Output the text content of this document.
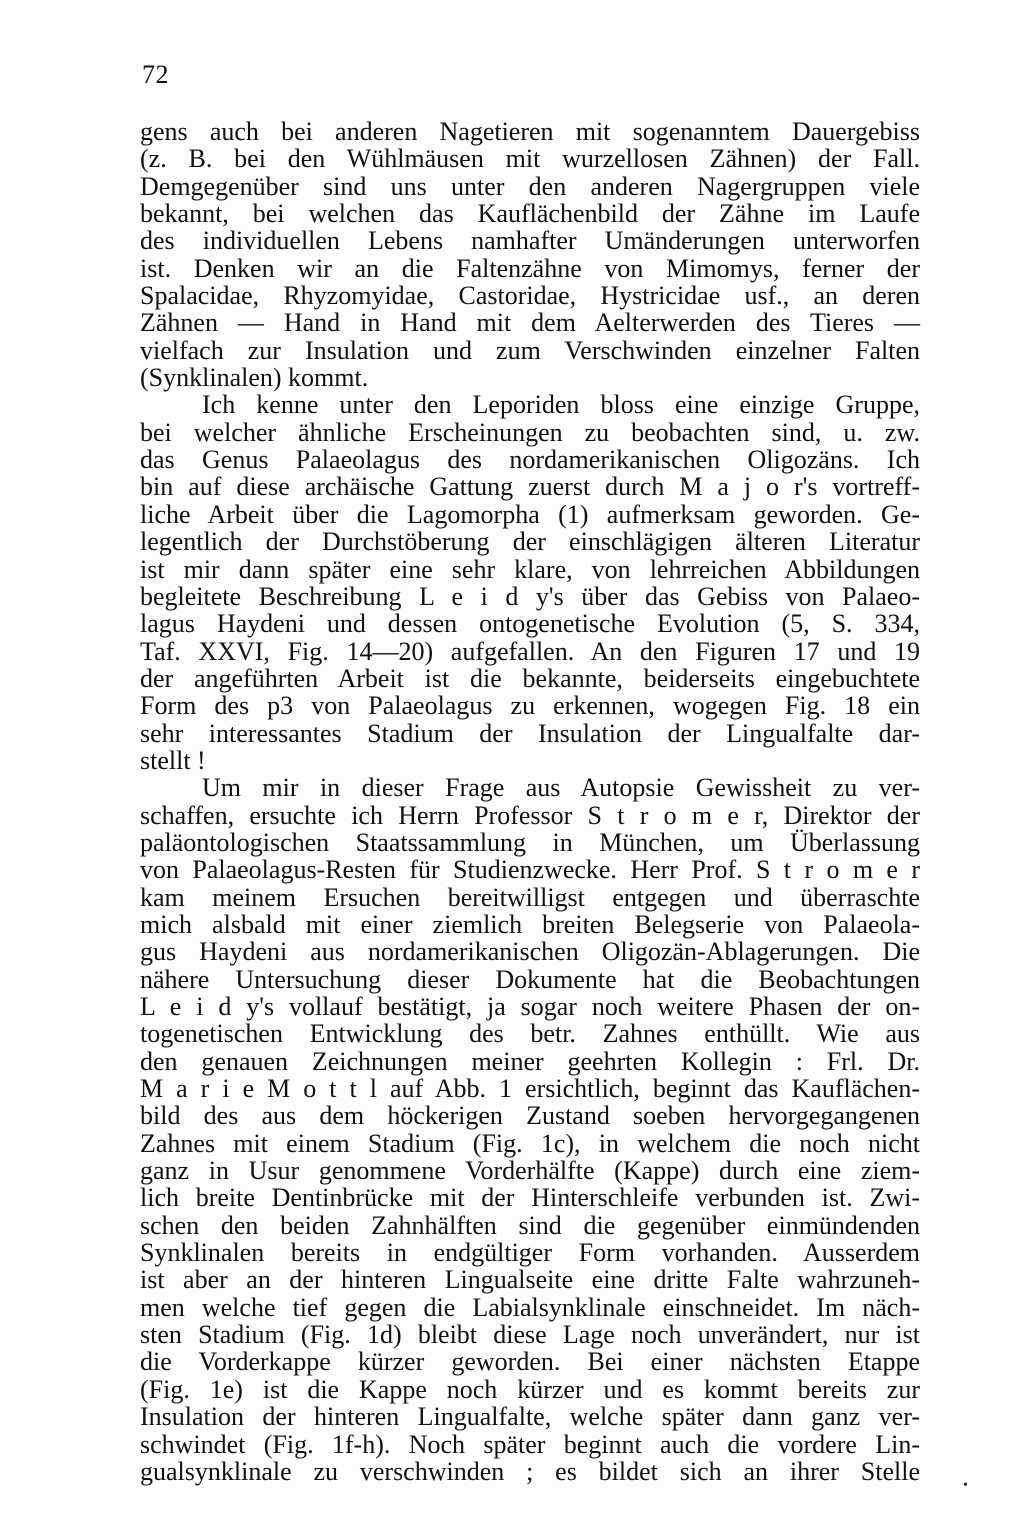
72
gens auch bei anderen Nagetieren mit sogenanntem Dauergebiss
(z. B. bei den Wühlmäusen mit wurzellosen Zähnen) der Fall.
Demgegenüber sind uns unter den anderen Nagergruppen viele
bekannt, bei welchen das Kauflächenbild der Zähne im Laufe
des individuellen Lebens namhafter Umänderungen unterworfen
ist. Denken wir an die Faltenzähne von Mimomys, ferner der
Spalacidae, Rhyzomyidae, Castoridae, Hystricidae usf., an deren
Zähnen — Hand in Hand mit dem Aelterwerden des Tieres —
vielfach zur Insulation und zum Verschwinden einzelner Falten
(Synklinalen) kommt.
Ich kenne unter den Leporiden bloss eine einzige Gruppe,
bei welcher ähnliche Erscheinungen zu beobachten sind, u. zw.
das Genus Palaeolagus des nordamerikanischen Oligozäns. Ich
bin auf diese archäische Gattung zuerst durch M a j o r's vortreff-
liche Arbeit über die Lagomorpha (1) aufmerksam geworden. Ge-
legentlich der Durchstöberung der einschlägigen älteren Literatur
ist mir dann später eine sehr klare, von lehrreichen Abbildungen
begleitete Beschreibung L e i d y's über das Gebiss von Palaeo-
lagus Haydeni und dessen ontogenetische Evolution (5, S. 334,
Taf. XXVI, Fig. 14—20) aufgefallen. An den Figuren 17 und 19
der angeführten Arbeit ist die bekannte, beiderseits eingebuchtete
Form des p3 von Palaeolagus zu erkennen, wogegen Fig. 18 ein
sehr interessantes Stadium der Insulation der Lingualfalte dar-
stellt !
Um mir in dieser Frage aus Autopsie Gewissheit zu ver-
schaffen, ersuchte ich Herrn Professor S t r o m e r, Direktor der
paläontologischen Staatssammlung in München, um Überlassung
von Palaeolagus-Resten für Studienzwecke. Herr Prof. S t r o m e r
kam meinem Ersuchen bereitwilligst entgegen und überraschte
mich alsbald mit einer ziemlich breiten Belegserie von Palaeola-
gus Haydeni aus nordamerikanischen Oligozän-Ablagerungen. Die
nähere Untersuchung dieser Dokumente hat die Beobachtungen
L e i d y's vollauf bestätigt, ja sogar noch weitere Phasen der on-
togenetischen Entwicklung des betr. Zahnes enthüllt. Wie aus
den genauen Zeichnungen meiner geehrten Kollegin : Frl. Dr.
M a r i e M o t t l auf Abb. 1 ersichtlich, beginnt das Kauflächen-
bild des aus dem höckerigen Zustand soeben hervorgegangenen
Zahnes mit einem Stadium (Fig. 1c), in welchem die noch nicht
ganz in Usur genommene Vorderhälfte (Kappe) durch eine ziem-
lich breite Dentinbrücke mit der Hinterschleife verbunden ist. Zwi-
schen den beiden Zahnhälften sind die gegenüber einmündenden
Synklinalen bereits in endgültiger Form vorhanden. Ausserdem
ist aber an der hinteren Lingualseite eine dritte Falte wahrzuneh-
men welche tief gegen die Labialsynklinale einschneidet. Im näch-
sten Stadium (Fig. 1d) bleibt diese Lage noch unverändert, nur ist
die Vorderkappe kürzer geworden. Bei einer nächsten Etappe
(Fig. 1e) ist die Kappe noch kürzer und es kommt bereits zur
Insulation der hinteren Lingualfalte, welche später dann ganz ver-
schwindet (Fig. 1f-h). Noch später beginnt auch die vordere Lin-
gualsynklinale zu verschwinden ; es bildet sich an ihrer Stelle	•
